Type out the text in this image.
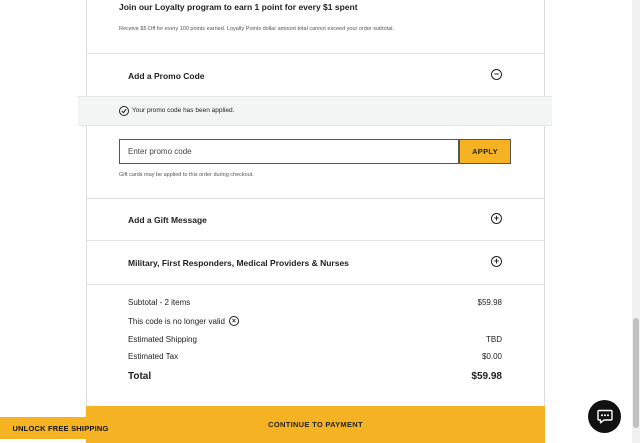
Join our Loyalty program to earn 1 point for every $1 spent
Receive $5 Off for every 100 points earned. Loyalty Points dollar amount total cannot exceed your order subtotal.
Add a Promo Code	−
Your promo code has been applied.
Enter promo code
APPLY
Gift cards may be applied to this order during checkout.
Add a Gift Message	+
Military, First Responders, Medical Providers & Nurses	+
Subtotal - 2 items	$59.98
This code is no longer valid ×
Estimated Shipping	TBD
Estimated Tax	$0.00
Total	$59.98
CONTINUE TO PAYMENT
UNLOCK FREE SHIPPING
